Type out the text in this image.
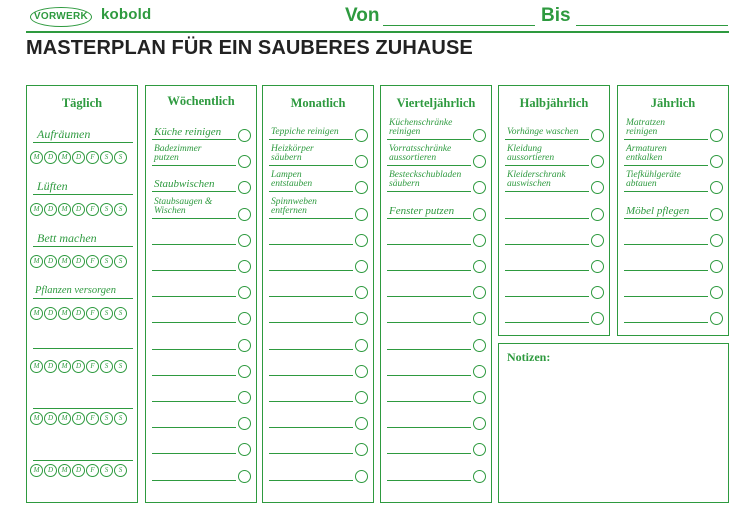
VORWERK kobold	Von	Bis
MASTERPLAN FÜR EIN SAUBERES ZUHAUSE
Täglich
Aufräumen
Lüften
Bett machen
Pflanzen versorgen
M	D	M	D	F	S	S
M	D	M	D	F	S	S
M	D	M	D	F	S	S
M	D	M	D	F	S	S
M	D	M	D	F	S	S
M	D	M	D	F	S	S
M	D	M	D	F	S	S
Wöchentlich
Küche reinigen
Badezimmer
putzen
Staubwischen
Staubsaugen &
Wischen
Monatlich
Teppiche reinigen
Heizkörper
säubern
Lampen
entstauben
Spinnweben
entfernen
Vierteljährlich
Küchenschränke
reinigen
Vorratsschränke
aussortieren
Besteckschubladen
säubern
Fenster putzen
Halbjährlich
Vorhänge waschen
Kleidung
aussortieren
Kleiderschrank
auswischen
Jährlich
Matratzen
reinigen
Armaturen
entkalken
Tiefkühlgeräte
abtauen
Möbel pflegen
Notizen:
